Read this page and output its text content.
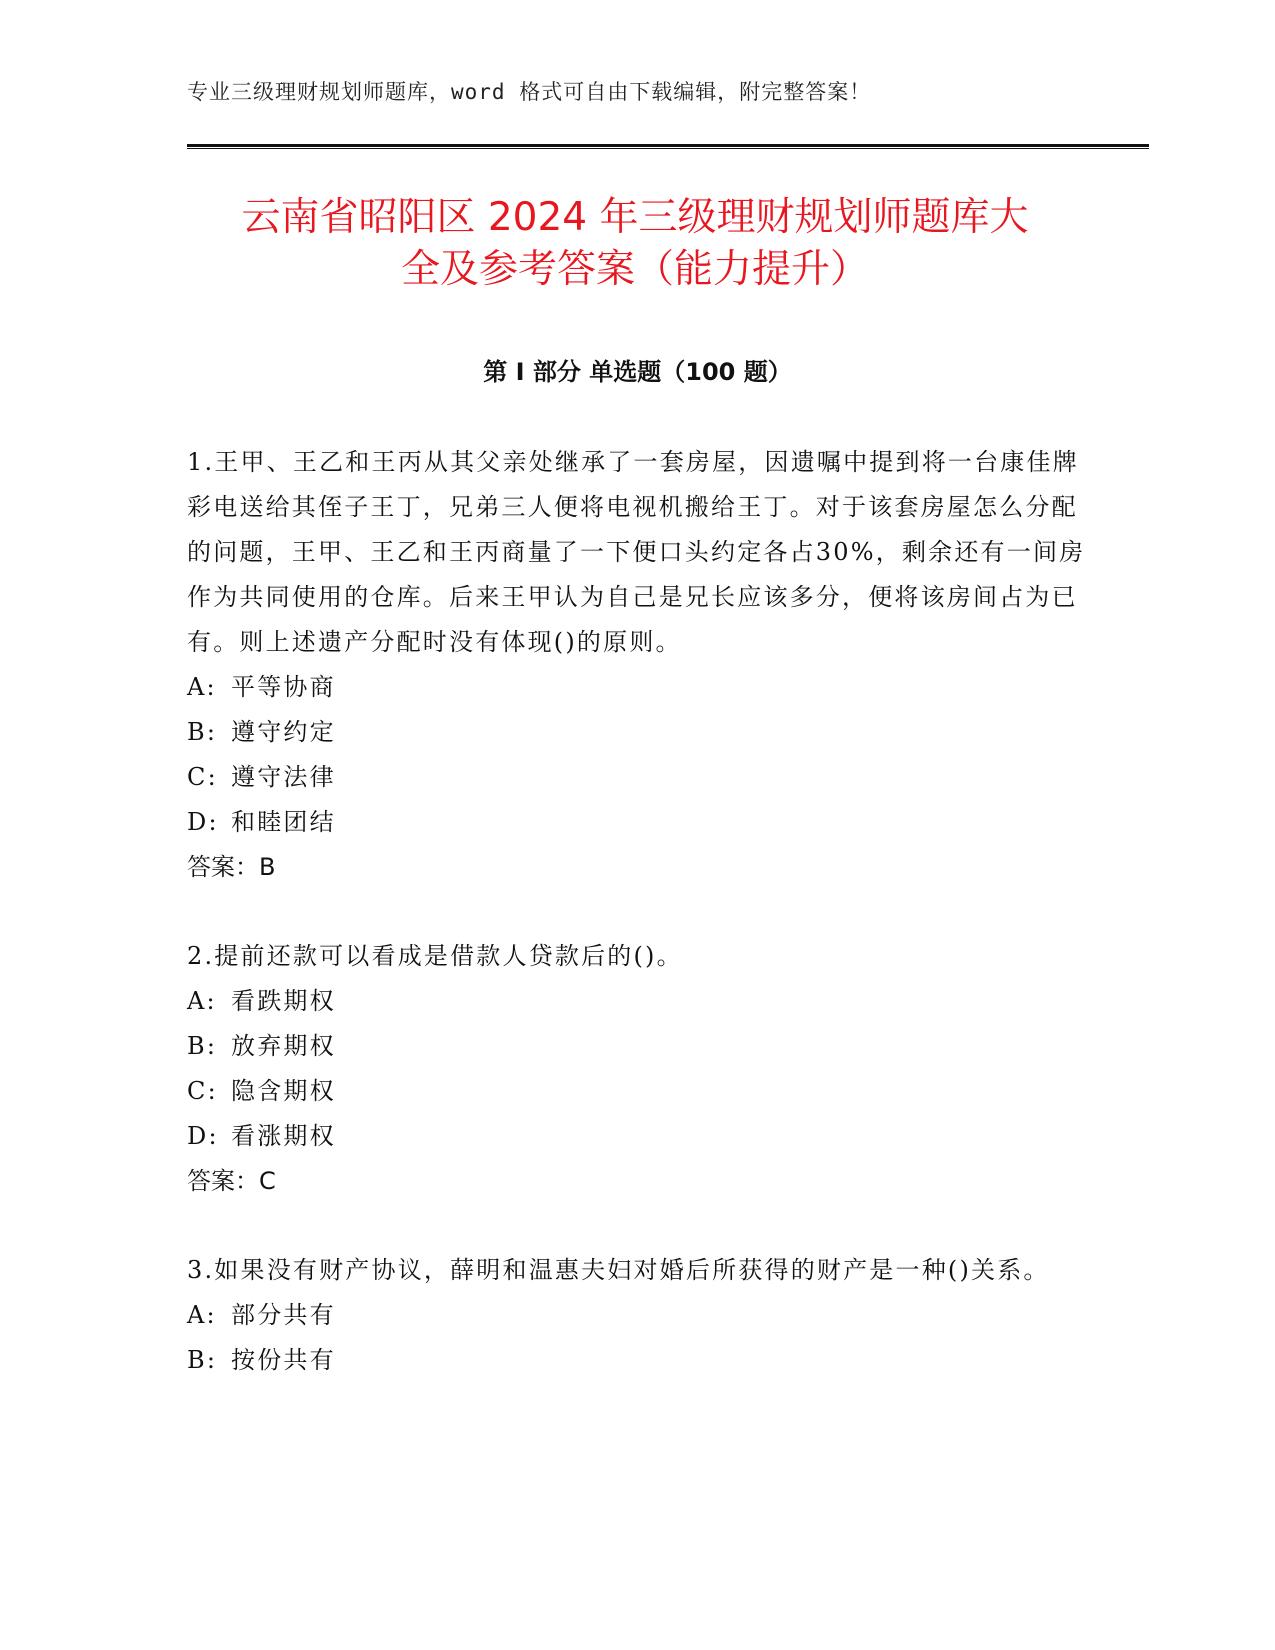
专业三级理财规划师题库，word 格式可自由下载编辑，附完整答案！
云南省昭阳区 2024 年三级理财规划师题库大
全及参考答案（能力提升）
第 I 部分 单选题（100 题）

1.王甲、王乙和王丙从其父亲处继承了一套房屋，因遗嘱中提到将一台康佳牌彩电送给其侄子王丁，兄弟三人便将电视机搬给王丁。对于该套房屋怎么分配的问题，王甲、王乙和王丙商量了一下便口头约定各占30%，剩余还有一间房作为共同使用的仓库。后来王甲认为自己是兄长应该多分，便将该房间占为已有。则上述遗产分配时没有体现()的原则。

A: 平等协商

B: 遵守约定

C: 遵守法律

D: 和睦团结

答案：B

2.提前还款可以看成是借款人贷款后的()。

A: 看跌期权

B: 放弃期权

C: 隐含期权

D: 看涨期权

答案：C

3.如果没有财产协议，薛明和温惠夫妇对婚后所获得的财产是一种()关系。

A: 部分共有

B: 按份共有
